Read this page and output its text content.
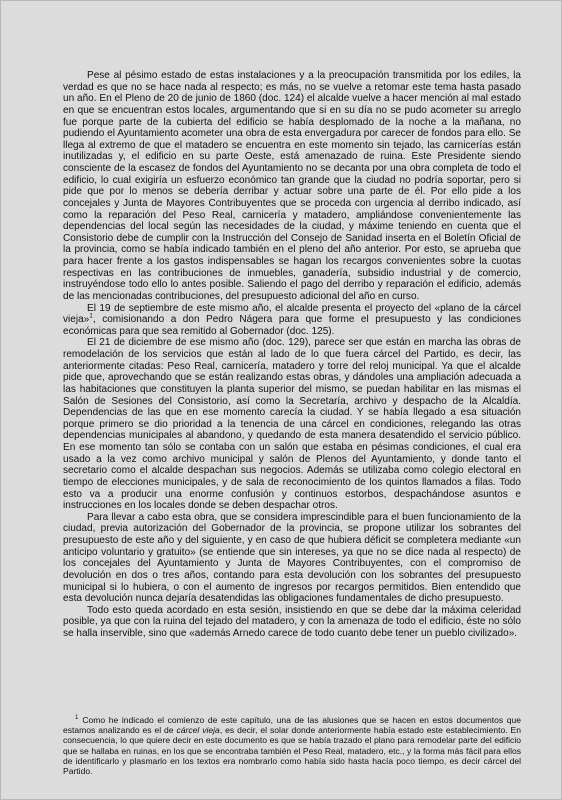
Pese al pésimo estado de estas instalaciones y a la preocupación transmitida por los ediles, la verdad es que no se hace nada al respecto; es más, no se vuelve a retomar este tema hasta pasado un año. En el Pleno de 20 de junio de 1860 (doc. 124) el alcalde vuelve a hacer mención al mal estado en que se encuentran estos locales, argumentando que si en su día no se pudo acometer su arreglo fue porque parte de la cubierta del edificio se había desplomado de la noche a la mañana, no pudiendo el Ayuntamiento acometer una obra de esta envergadura por carecer de fondos para ello. Se llega al extremo de que el matadero se encuentra en este momento sin tejado, las carnicerías están inutilizadas y, el edificio en su parte Oeste, está amenazado de ruina. Este Presidente siendo consciente de la escasez de fondos del Ayuntamiento no se decanta por una obra completa de todo el edificio, lo cual exigiría un esfuerzo económico tan grande que la ciudad no podría soportar, pero si pide que por lo menos se debería derribar y actuar sobre una parte de él. Por ello pide a los concejales y Junta de Mayores Contribuyentes que se proceda con urgencia al derribo indicado, así como la reparación del Peso Real, carnicería y matadero, ampliándose convenientemente las dependencias del local según las necesidades de la ciudad, y máxime teniendo en cuenta que el Consistorio debe de cumplir con la Instrucción del Consejo de Sanidad inserta en el Boletín Oficial de la provincia, como se había indicado también en el pleno del año anterior. Por esto, se aprueba que para hacer frente a los gastos indispensables se hagan los recargos convenientes sobre la cuotas respectivas en las contribuciones de inmuebles, ganadería, subsidio industrial y de comercio, instruyéndose todo ello lo antes posible. Saliendo el pago del derribo y reparación el edificio, además de las mencionadas contribuciones, del presupuesto adicional del año en curso.

El 19 de septiembre de este mismo año, el alcalde presenta el proyecto del «plano de la cárcel vieja»$^1$, comisionando a don Pedro Nágera para que forme el presupuesto y las condiciones económicas para que sea remitido al Gobernador (doc. 125).

El 21 de diciembre de ese mismo año (doc. 129), parece ser que están en marcha las obras de remodelación de los servicios que están al lado de lo que fuera cárcel del Partido, es decir, las anteriormente citadas: Peso Real, carnicería, matadero y torre del reloj municipal. Ya que el alcalde pide que, aprovechando que se están realizando estas obras, y dándoles una ampliación adecuada a las habitaciones que constituyen la planta superior del mismo, se puedan habilitar en las mismas el Salón de Sesiones del Consistorio, así como la Secretaría, archivo y despacho de la Alcaldía. Dependencias de las que en ese momento carecía la ciudad. Y se había llegado a esa situación porque primero se dio prioridad a la tenencia de una cárcel en condiciones, relegando las otras dependencias municipales al abandono, y quedando de esta manera desatendido el servicio público. En ese momento tan sólo se contaba con un salón que estaba en pésimas condiciones, el cual era usado a la vez como archivo municipal y salón de Plenos del Ayuntamiento, y donde tanto el secretario como el alcalde despachan sus negocios. Además se utilizaba como colegio electoral en tiempo de elecciones municipales, y de sala de reconocimiento de los quintos llamados a filas. Todo esto va a producir una enorme confusión y continuos estorbos, despachándose asuntos e instrucciones en los locales donde se deben despachar otros.

Para llevar a cabo esta obra, que se considera imprescindible para el buen funcionamiento de la ciudad, previa autorización del Gobernador de la provincia, se propone utilizar los sobrantes del presupuesto de este año y del siguiente, y en caso de que hubiera déficit se completera mediante «un anticipo voluntario y gratuito» (se entiende que sin intereses, ya que no se dice nada al respecto) de los concejales del Ayuntamiento y Junta de Mayores Contribuyentes, con el compromiso de devolución en dos o tres años, contando para esta devolución con los sobrantes del presupuesto municipal si lo hubiera, o con el aumento de ingresos por recargos permitidos. Bien entendido que esta devolución nunca dejaría desatendidas las obligaciones fundamentales de dicho presupuesto.

Todo esto queda acordado en esta sesión, insistiendo en que se debe dar la máxima celeridad posible, ya que con la ruina del tejado del matadero, y con la amenaza de todo el edificio, éste no sólo se halla inservible, sino que «además Arnedo carece de todo cuanto debe tener un pueblo civilizado».

$^1$ Como he indicado el comienzo de este capítulo, una de las alusiones que se hacen en estos documentos que estamos analizando es el de cárcel vieja, es decir, el solar donde anteriormente había estado este establecimiento. En consecuencia, lo que quiere decir en este documento es que se había trazado el plano para remodelar parte del edificio que se hallaba en ruinas, en los que se encontraba también el Peso Real, matadero, etc., y la forma más fácil para ellos de identificarlo y plasmarlo en los textos era nombrarlo como había sido hasta hacía poco tiempo, es decir cárcel del Partido.
